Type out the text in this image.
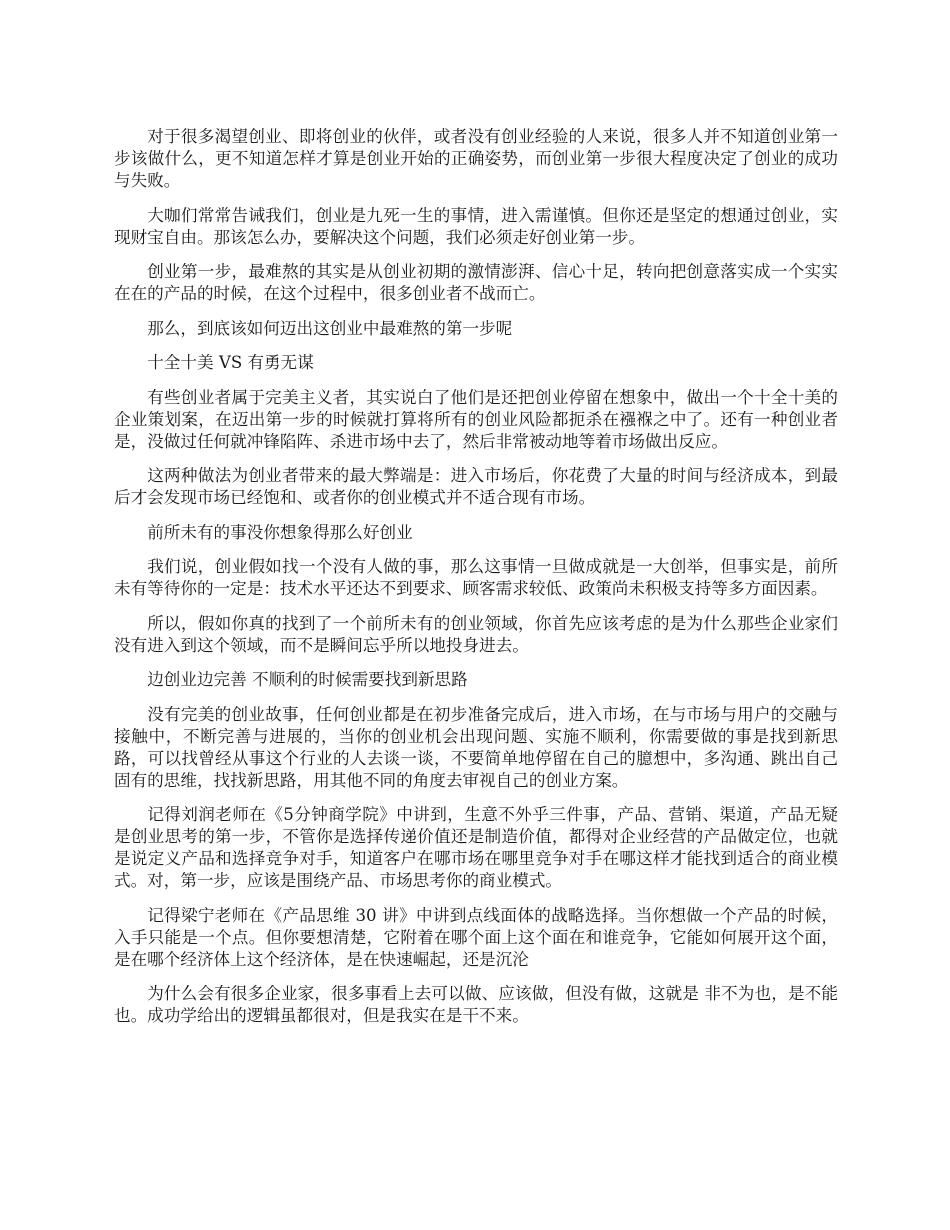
对于很多渴望创业、即将创业的伙伴，或者没有创业经验的人来说，很多人并不知道创业第一步该做什么，更不知道怎样才算是创业开始的正确姿势，而创业第一步很大程度决定了创业的成功与失败。

大咖们常常告诫我们，创业是九死一生的事情，进入需谨慎。但你还是坚定的想通过创业，实现财宝自由。那该怎么办，要解决这个问题，我们必须走好创业第一步。

创业第一步，最难熬的其实是从创业初期的激情澎湃、信心十足，转向把创意落实成一个实实在在的产品的时候，在这个过程中，很多创业者不战而亡。

那么，到底该如何迈出这创业中最难熬的第一步呢

十全十美 VS 有勇无谋

有些创业者属于完美主义者，其实说白了他们是还把创业停留在想象中，做出一个十全十美的企业策划案，在迈出第一步的时候就打算将所有的创业风险都扼杀在襁褓之中了。还有一种创业者是，没做过任何就冲锋陷阵、杀进市场中去了，然后非常被动地等着市场做出反应。

这两种做法为创业者带来的最大弊端是：进入市场后，你花费了大量的时间与经济成本，到最后才会发现市场已经饱和、或者你的创业模式并不适合现有市场。

前所未有的事没你想象得那么好创业

我们说，创业假如找一个没有人做的事，那么这事情一旦做成就是一大创举，但事实是，前所未有等待你的一定是：技术水平还达不到要求、顾客需求较低、政策尚未积极支持等多方面因素。

所以，假如你真的找到了一个前所未有的创业领域，你首先应该考虑的是为什么那些企业家们没有进入到这个领域，而不是瞬间忘乎所以地投身进去。

边创业边完善 不顺利的时候需要找到新思路

没有完美的创业故事，任何创业都是在初步准备完成后，进入市场，在与市场与用户的交融与接触中，不断完善与进展的，当你的创业机会出现问题、实施不顺利，你需要做的事是找到新思路，可以找曾经从事这个行业的人去谈一谈，不要简单地停留在自己的臆想中，多沟通、跳出自己固有的思维，找找新思路，用其他不同的角度去审视自己的创业方案。

记得刘润老师在《5分钟商学院》中讲到，生意不外乎三件事，产品、营销、渠道，产品无疑是创业思考的第一步，不管你是选择传递价值还是制造价值，都得对企业经营的产品做定位，也就是说定义产品和选择竞争对手，知道客户在哪市场在哪里竞争对手在哪这样才能找到适合的商业模式。对，第一步，应该是围绕产品、市场思考你的商业模式。

记得梁宁老师在《产品思维 30 讲》中讲到点线面体的战略选择。当你想做一个产品的时候，入手只能是一个点。但你要想清楚，它附着在哪个面上这个面在和谁竞争，它能如何展开这个面，是在哪个经济体上这个经济体，是在快速崛起，还是沉沦

为什么会有很多企业家，很多事看上去可以做、应该做，但没有做，这就是 非不为也，是不能也。成功学给出的逻辑虽都很对，但是我实在是干不来。
